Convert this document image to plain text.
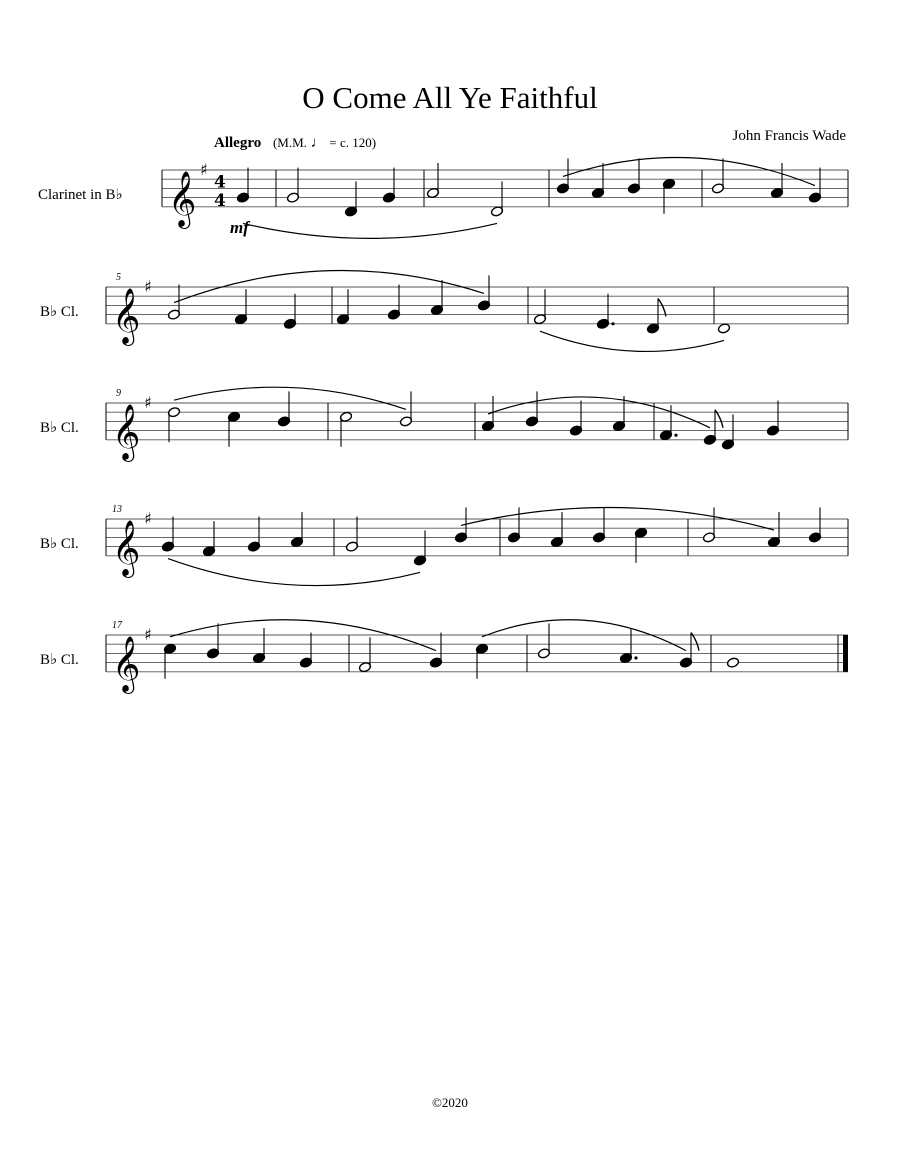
O Come All Ye Faithful
John Francis Wade
Allegro (M.M. ♩ = c. 120)
mf
Clarinet in B♭
B♭ Cl.
B♭ Cl.
B♭ Cl.
B♭ Cl.
5
9
13
17
𝄞
♯
4
4
𝄞
♯
𝄞
♯
𝄞
♯
𝄞
♯
©2020
